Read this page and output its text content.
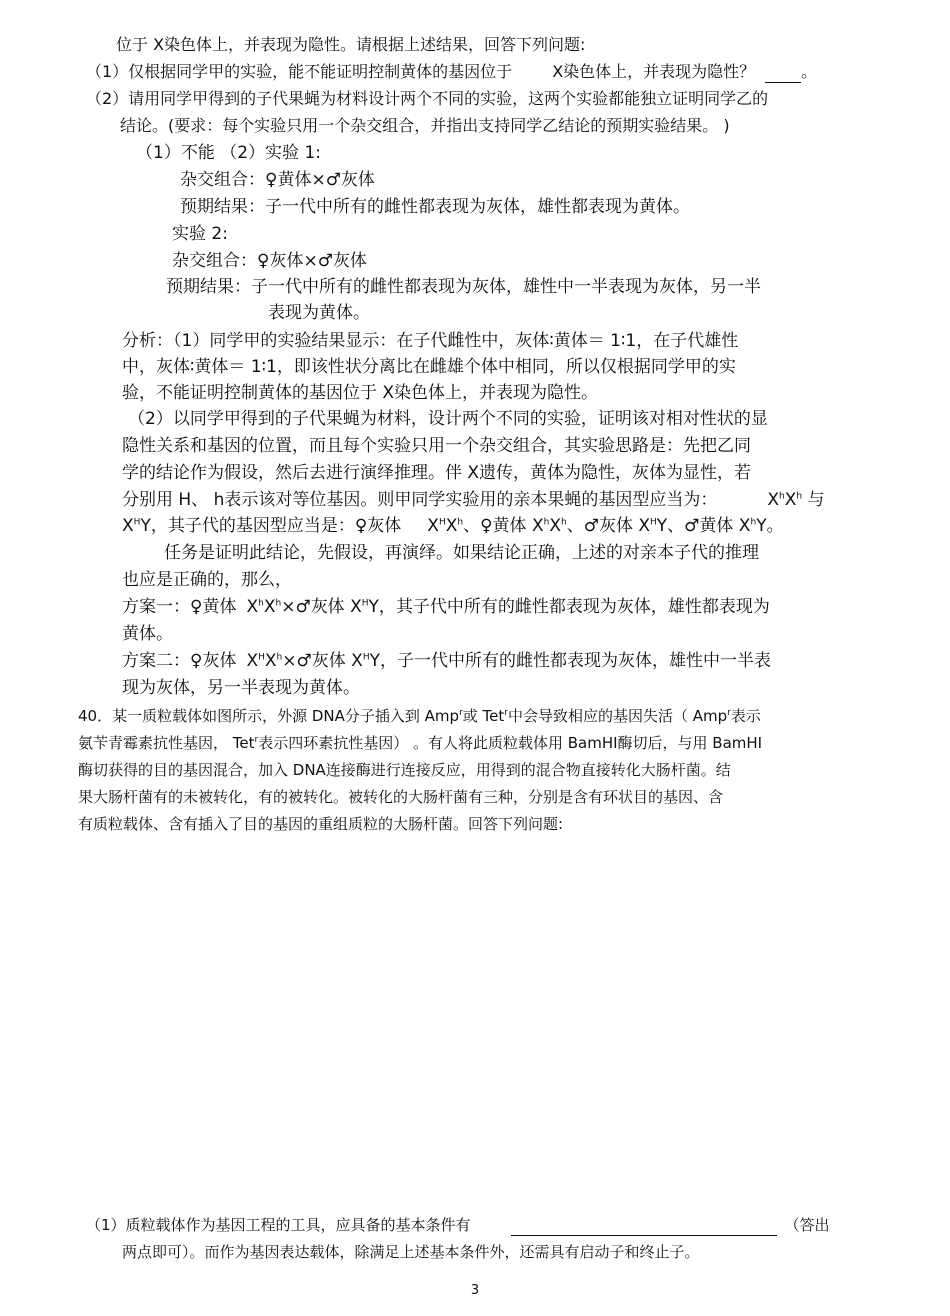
位于 X染色体上，并表现为隐性。请根据上述结果，回答下列问题:
（1）仅根据同学甲的实验，能不能证明控制黄体的基因位于	X染色体上，并表现为隐性？	。
（2）请用同学甲得到的子代果蝇为材料设计两个不同的实验，这两个实验都能独立证明同学乙的
结论。(要求：每个实验只用一个杂交组合，并指出支持同学乙结论的预期实验结果。 )
（1）不能 （2）实验 1:
杂交组合：♀黄体×♂灰体
预期结果：子一代中所有的雌性都表现为灰体，雄性都表现为黄体。
实验 2:
杂交组合：♀灰体×♂灰体
预期结果：子一代中所有的雌性都表现为灰体，雄性中一半表现为灰体，另一半
表现为黄体。
分析：（1）同学甲的实验结果显示：在子代雌性中，灰体∶黄体＝ 1∶1，在子代雄性
中，灰体∶黄体＝ 1∶1，即该性状分离比在雌雄个体中相同，所以仅根据同学甲的实
验，不能证明控制黄体的基因位于 X染色体上，并表现为隐性。
（2）以同学甲得到的子代果蝇为材料，设计两个不同的实验，证明该对相对性状的显
隐性关系和基因的位置，而且每个实验只用一个杂交组合，其实验思路是：先把乙同
学的结论作为假设，然后去进行演绎推理。伴 X遗传，黄体为隐性，灰体为显性，若
分别用 H、 h表示该对等位基因。则甲同学实验用的亲本果蝇的基因型应当为：	$X^hX^h$ 与
$X^HY$，其子代的基因型应当是：♀灰体 $X^HX^h$、♀黄体 $X^hX^h$、♂灰体 $X^HY$、♂黄体 $X^hY$。
任务是证明此结论，先假设，再演绎。如果结论正确，上述的对亲本子代的推理
也应是正确的，那么，
方案一：♀黄体 $X^hX^h\times♂$灰体 $X^HY$，其子代中所有的雌性都表现为灰体，雄性都表现为
黄体。
方案二：♀灰体 $X^HX^h\times♂$灰体 $X^HY$，子一代中所有的雌性都表现为灰体，雄性中一半表
现为灰体，另一半表现为黄体。
40．某一质粒载体如图所示，外源 DNA分子插入到 Amp$^r$或 Tet$^r$中会导致相应的基因失活（ Amp$^r$表示
氨苄青霉素抗性基因， Tet$^r$表示四环素抗性基因） 。有人将此质粒载体用 BamHI酶切后，与用 BamHI
酶切获得的目的基因混合，加入 DNA连接酶进行连接反应，用得到的混合物直接转化大肠杆菌。结
果大肠杆菌有的未被转化，有的被转化。被转化的大肠杆菌有三种，分别是含有环状目的基因、含
有质粒载体、含有插入了目的基因的重组质粒的大肠杆菌。回答下列问题:
（1）质粒载体作为基因工程的工具，应具备的基本条件有	（答出
两点即可）。而作为基因表达载体，除满足上述基本条件外，还需具有启动子和终止子。
3
